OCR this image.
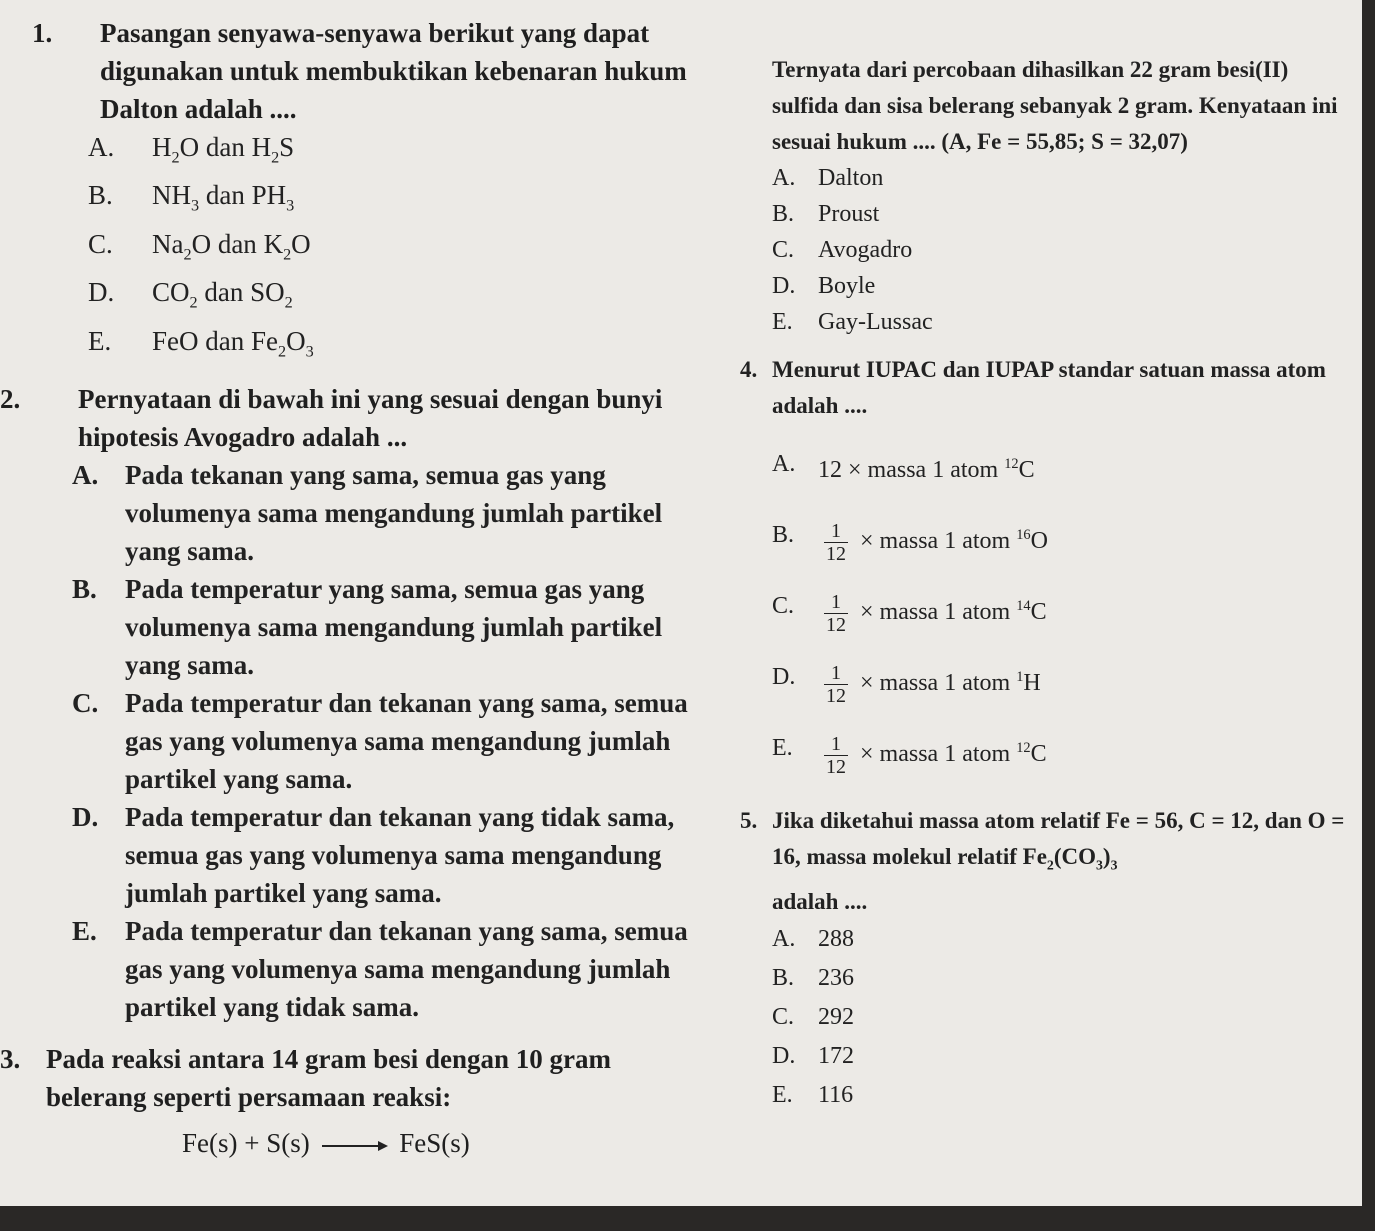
1.	Pasangan senyawa-senyawa berikut yang dapat digunakan untuk membuktikan kebenaran hukum Dalton adalah ....
A. $H_2O$ dan $H_2S$
B. $NH_3$ dan $PH_3$
C. $Na_2O$ dan $K_2O$
D. $CO_2$ dan $SO_2$
E. FeO dan $Fe_2O_3$
2.	Pernyataan di bawah ini yang sesuai dengan bunyi hipotesis Avogadro adalah ...
A. Pada tekanan yang sama, semua gas yang volumenya sama mengandung jumlah partikel yang sama.

B. Pada temperatur yang sama, semua gas yang volumenya sama mengandung jumlah partikel yang sama.

C. Pada temperatur dan tekanan yang sama, semua gas yang volumenya sama mengandung jumlah partikel yang sama.

D. Pada temperatur dan tekanan yang tidak sama, semua gas yang volumenya sama mengandung jumlah partikel yang sama.

E. Pada temperatur dan tekanan yang sama, semua gas yang volumenya sama mengandung jumlah partikel yang tidak sama.

3. Pada reaksi antara 14 gram besi dengan 10 gram belerang seperti persamaan reaksi:
Fe(s) + S(s) → FeS(s)
Ternyata dari percobaan dihasilkan 22 gram besi(II) sulfida dan sisa belerang sebanyak 2 gram. Kenyataan ini sesuai hukum .... (A, Fe = 55,85; S = 32,07)
A. Dalton
B. Proust
C. Avogadro
D. Boyle
E. Gay-Lussac
4. Menurut IUPAC dan IUPAP standar satuan massa atom adalah ....
A. 12 × massa 1 atom $^{12}$C
B. $\frac{1}{12}$ × massa 1 atom $^{16}$O
C. $\frac{1}{12}$ × massa 1 atom $^{14}$C
D. $\frac{1}{12}$ × massa 1 atom $^1$H
E. $\frac{1}{12}$ × massa 1 atom $^{12}$C
5. Jika diketahui massa atom relatif Fe = 56, C = 12, dan O = 16, massa molekul relatif $Fe_2(CO_3)_3$
adalah ....
A. 288
B. 236
C. 292
D. 172
E. 116
